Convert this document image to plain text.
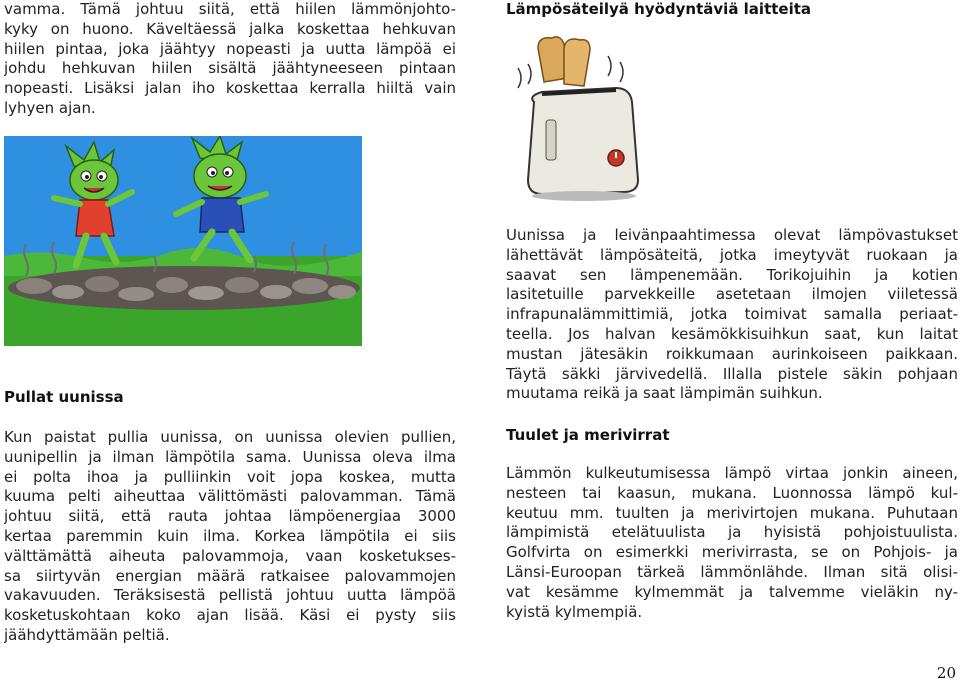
vamma. Tämä johtuu siitä, että hiilen lämmönjohto-
kyky on huono. Käveltäessä jalka koskettaa hehkuvan
hiilen pintaa, joka jäähtyy nopeasti ja uutta lämpöä ei
johdu hehkuvan hiilen sisältä jäähtyneeseen pintaan
nopeasti. Lisäksi jalan iho koskettaa kerralla hiiltä vain
lyhyen ajan.
Pullat uunissa
Kun paistat pullia uunissa, on uunissa olevien pullien,
uunipellin ja ilman lämpötila sama. Uunissa oleva ilma
ei polta ihoa ja pulliinkin voit jopa koskea, mutta
kuuma pelti aiheuttaa välittömästi palovamman. Tämä
johtuu siitä, että rauta johtaa lämpöenergiaa 3000
kertaa paremmin kuin ilma. Korkea lämpötila ei siis
välttämättä aiheuta palovammoja, vaan kosketukses-
sa siirtyvän energian määrä ratkaisee palovammojen
vakavuuden. Teräksisestä pellistä johtuu uutta lämpöä
kosketuskohtaan koko ajan lisää. Käsi ei pysty siis
jäähdyttämään peltiä.
Lämpösäteilyä hyödyntäviä laitteita
Uunissa ja leivänpaahtimessa olevat lämpövastukset
lähettävät lämpösäteitä, jotka imeytyvät ruokaan ja
saavat sen lämpenemään. Torikojuihin ja kotien
lasitetuille parvekkeille asetetaan ilmojen viiletessä
infrapunalämmittimiä, jotka toimivat samalla periaat-
teella. Jos halvan kesämökkisuihkun saat, kun laitat
mustan jätesäkin roikkumaan aurinkoiseen paikkaan.
Täytä säkki järvivedellä. Illalla pistele säkin pohjaan
muutama reikä ja saat lämpimän suihkun.
Tuulet ja merivirrat
Lämmön kulkeutumisessa lämpö virtaa jonkin aineen,
nesteen tai kaasun, mukana. Luonnossa lämpö kul-
keutuu mm. tuulten ja merivirtojen mukana. Puhutaan
lämpimistä etelätuulista ja hyisistä pohjoistuulista.
Golfvirta on esimerkki merivirrasta, se on Pohjois- ja
Länsi-Euroopan tärkeä lämmönlähde. Ilman sitä olisi-
vat kesämme kylmemmät ja talvemme vieläkin ny-
kyistä kylmempiä.
20
